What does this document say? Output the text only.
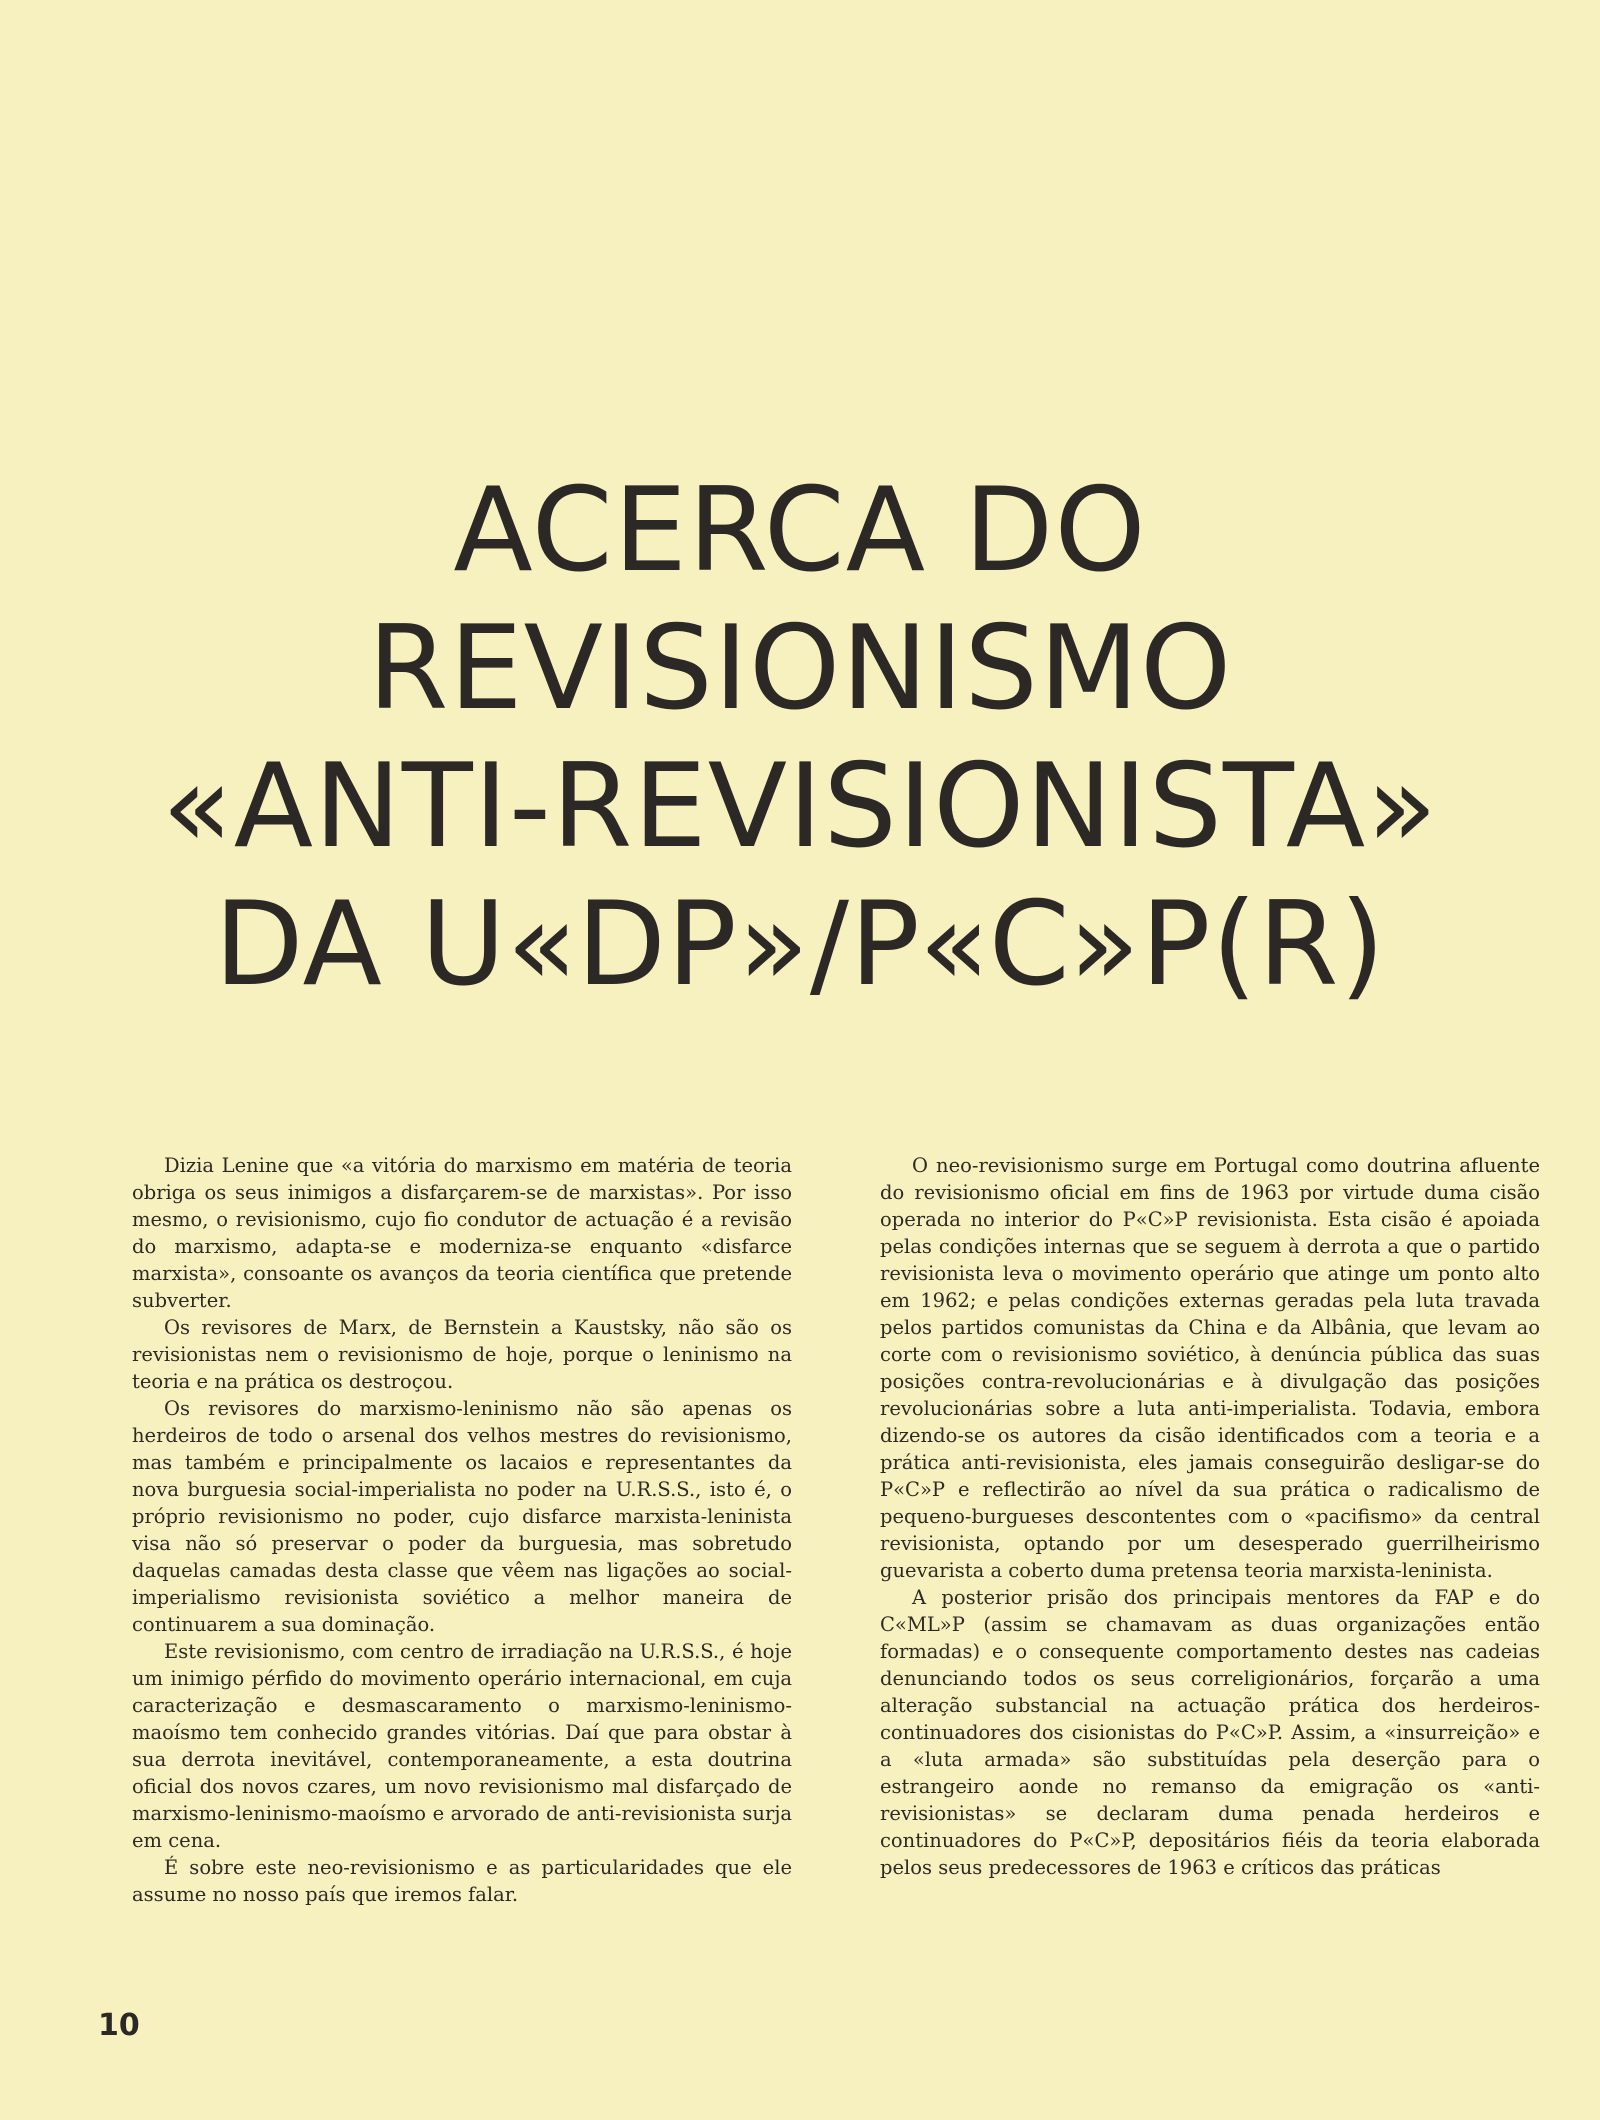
ACERCA DO
REVISIONISMO
«ANTI-REVISIONISTA»
DA U«DP»/P«C»P(R)

Dizia Lenine que «a vitória do marxismo em matéria de teoria obriga os seus inimigos a disfarçarem-se de marxistas». Por isso mesmo, o revisionismo, cujo fio condutor de actuação é a revisão do marxismo, adapta-se e moderniza-se enquanto «disfarce marxista», consoante os avanços da teoria científica que pretende subverter.

Os revisores de Marx, de Bernstein a Kaustsky, não são os revisionistas nem o revisionismo de hoje, porque o leninismo na teoria e na prática os destroçou.

Os revisores do marxismo-leninismo não são apenas os herdeiros de todo o arsenal dos velhos mestres do revisionismo, mas também e principalmente os lacaios e representantes da nova burguesia social-imperialista no poder na U.R.S.S., isto é, o próprio revisionismo no poder, cujo disfarce marxista-leninista visa não só preservar o poder da burguesia, mas sobretudo daquelas camadas desta classe que vêem nas ligações ao social-imperialismo revisionista soviético a melhor maneira de continuarem a sua dominação.

Este revisionismo, com centro de irradiação na U.R.S.S., é hoje um inimigo pérfido do movimento operário internacional, em cuja caracterização e desmascaramento o marxismo-leninismo-maoísmo tem conhecido grandes vitórias. Daí que para obstar à sua derrota inevitável, contemporaneamente, a esta doutrina oficial dos novos czares, um novo revisionismo mal disfarçado de marxismo-leninismo-maoísmo e arvorado de anti-revisionista surja em cena.

É sobre este neo-revisionismo e as particularidades que ele assume no nosso país que iremos falar.

O neo-revisionismo surge em Portugal como doutrina afluente do revisionismo oficial em fins de 1963 por virtude duma cisão operada no interior do P«C»P revisionista. Esta cisão é apoiada pelas condições internas que se seguem à derrota a que o partido revisionista leva o movimento operário que atinge um ponto alto em 1962; e pelas condições externas geradas pela luta travada pelos partidos comunistas da China e da Albânia, que levam ao corte com o revisionismo soviético, à denúncia pública das suas posições contra-revolucionárias e à divulgação das posições revolucionárias sobre a luta anti-imperialista. Todavia, embora dizendo-se os autores da cisão identificados com a teoria e a prática anti-revisionista, eles jamais conseguirão desligar-se do P«C»P e reflectirão ao nível da sua prática o radicalismo de pequeno-burgueses descontentes com o «pacifismo» da central revisionista, optando por um desesperado guerrilheirismo guevarista a coberto duma pretensa teoria marxista-leninista.

A posterior prisão dos principais mentores da FAP e do C«ML»P (assim se chamavam as duas organizações então formadas) e o consequente comportamento destes nas cadeias denunciando todos os seus correligionários, forçarão a uma alteração substancial na actuação prática dos herdeiros-continuadores dos cisionistas do P«C»P. Assim, a «insurreição» e a «luta armada» são substituídas pela deserção para o estrangeiro aonde no remanso da emigração os «anti-revisionistas» se declaram duma penada herdeiros e continuadores do P«C»P, depositários fiéis da teoria elaborada pelos seus predecessores de 1963 e críticos das práticas

10
